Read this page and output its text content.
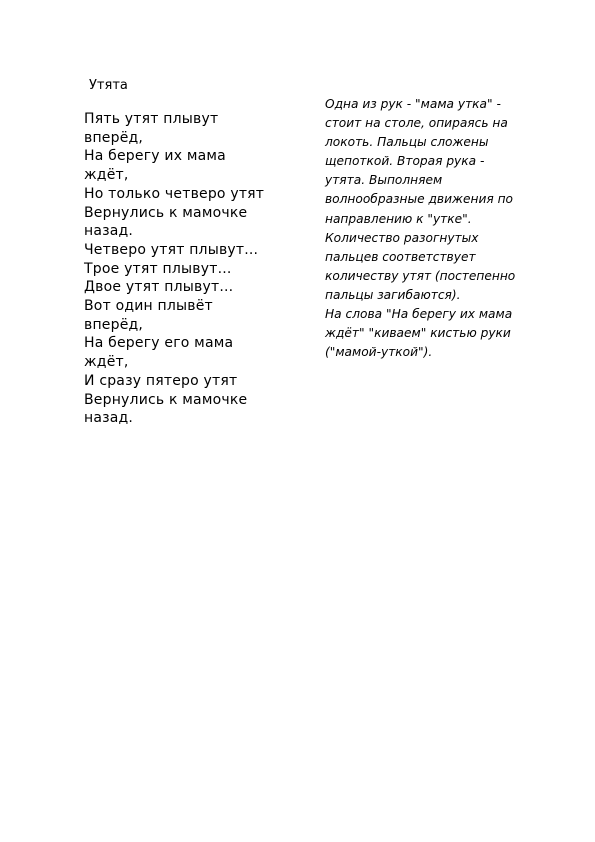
Утята
Пять утят плывут
вперёд,
На берегу их мама
ждёт,
Но только четверо утят
Вернулись к мамочке
назад.
Четверо утят плывут...
Трое утят плывут...
Двое утят плывут...
Вот один плывёт
вперёд,
На берегу его мама
ждёт,
И сразу пятеро утят
Вернулись к мамочке
назад.
Одна из рук - "мама утка" -
стоит на столе, опираясь на
локоть. Пальцы сложены
щепоткой. Вторая рука -
утята. Выполняем
волнообразные движения по
направлению к "утке".
Количество разогнутых
пальцев соответствует
количеству утят (постепенно
пальцы загибаются).
На слова "На берегу их мама
ждёт" "киваем" кистью руки
("мамой-уткой").
